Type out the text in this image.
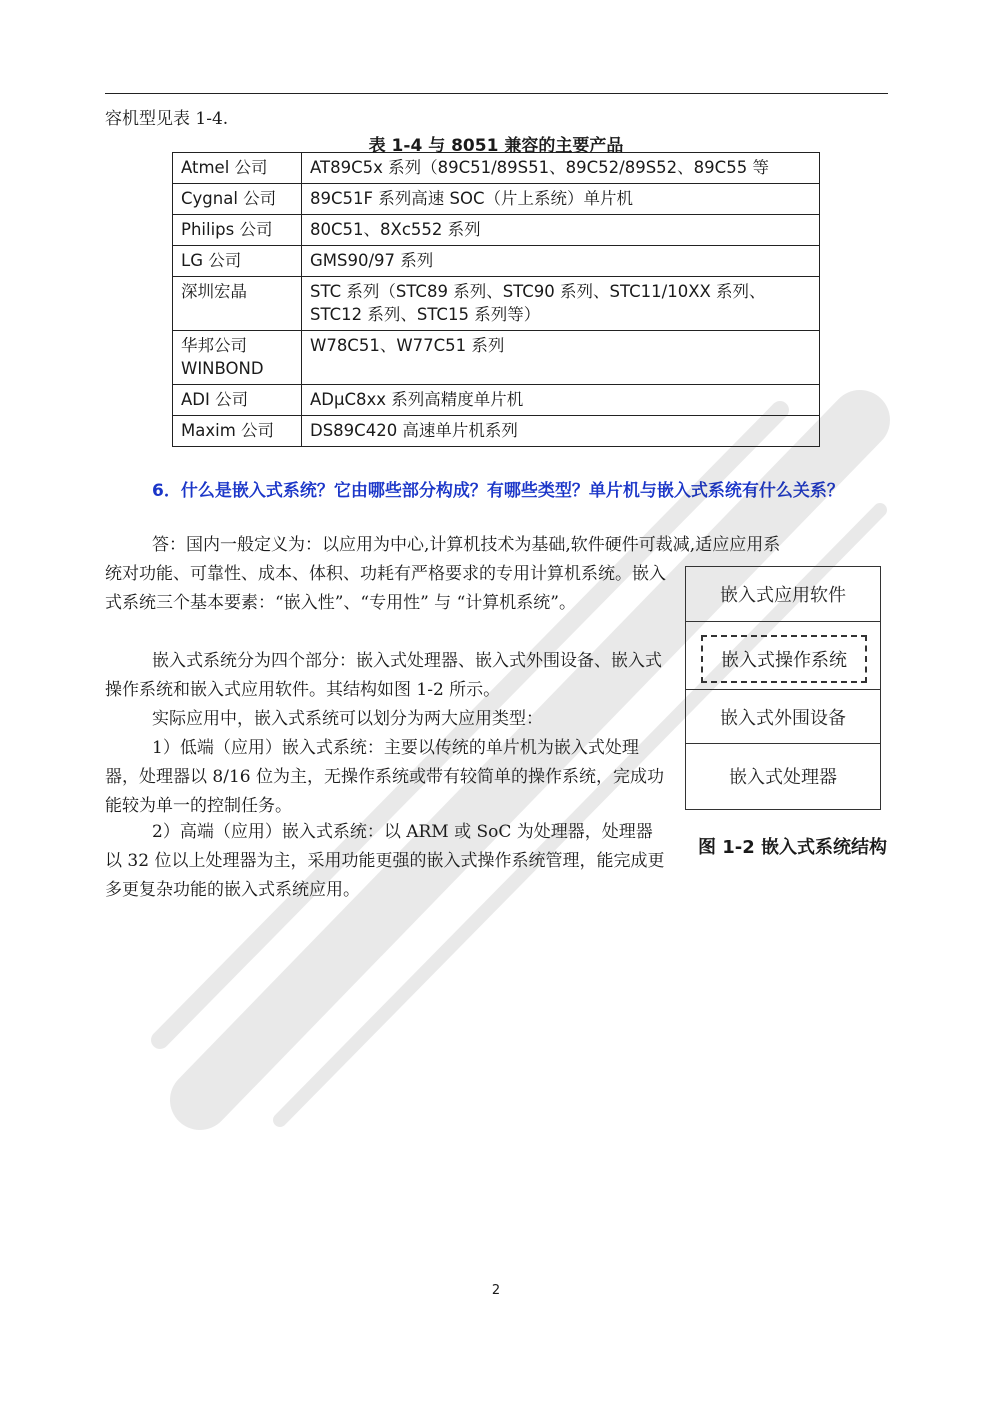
容机型见表 1-4.
表 1-4 与 8051 兼容的主要产品
Atmel 公司	AT89C5x 系列（89C51/89S51、89C52/89S52、89C55 等
Cygnal 公司	89C51F 系列高速 SOC（片上系统）单片机
Philips 公司	80C51、8Xc552 系列
LG 公司	GMS90/97 系列
深圳宏晶	STC 系列（STC89 系列、STC90 系列、STC11/10XX 系列、STC12 系列、STC15 系列等）
华邦公司 WINBOND	W78C51、W77C51 系列
ADI 公司	ADμC8xx 系列高精度单片机
Maxim 公司	DS89C420 高速单片机系列
6．什么是嵌入式系统？它由哪些部分构成？有哪些类型？单片机与嵌入式系统有什么关系？
答：国内一般定义为：以应用为中心,计算机技术为基础,软件硬件可裁减,适应应用系
统对功能、可靠性、成本、体积、功耗有严格要求的专用计算机系统。嵌入式系统三个基本要素：“嵌入性”、“专用性” 与 “计算机系统”。
嵌入式系统分为四个部分：嵌入式处理器、嵌入式外围设备、嵌入式操作系统和嵌入式应用软件。其结构如图 1-2 所示。
实际应用中，嵌入式系统可以划分为两大应用类型：
1）低端（应用）嵌入式系统：主要以传统的单片机为嵌入式处理器，处理器以 8/16 位为主，无操作系统或带有较简单的操作系统，完成功能较为单一的控制任务。
2）高端（应用）嵌入式系统：以 ARM 或 SoC 为处理器，处理器以 32 位以上处理器为主，采用功能更强的嵌入式操作系统管理，能完成更多更复杂功能的嵌入式系统应用。
嵌入式应用软件
嵌入式操作系统
嵌入式外围设备
嵌入式处理器
图 1-2 嵌入式系统结构
2
